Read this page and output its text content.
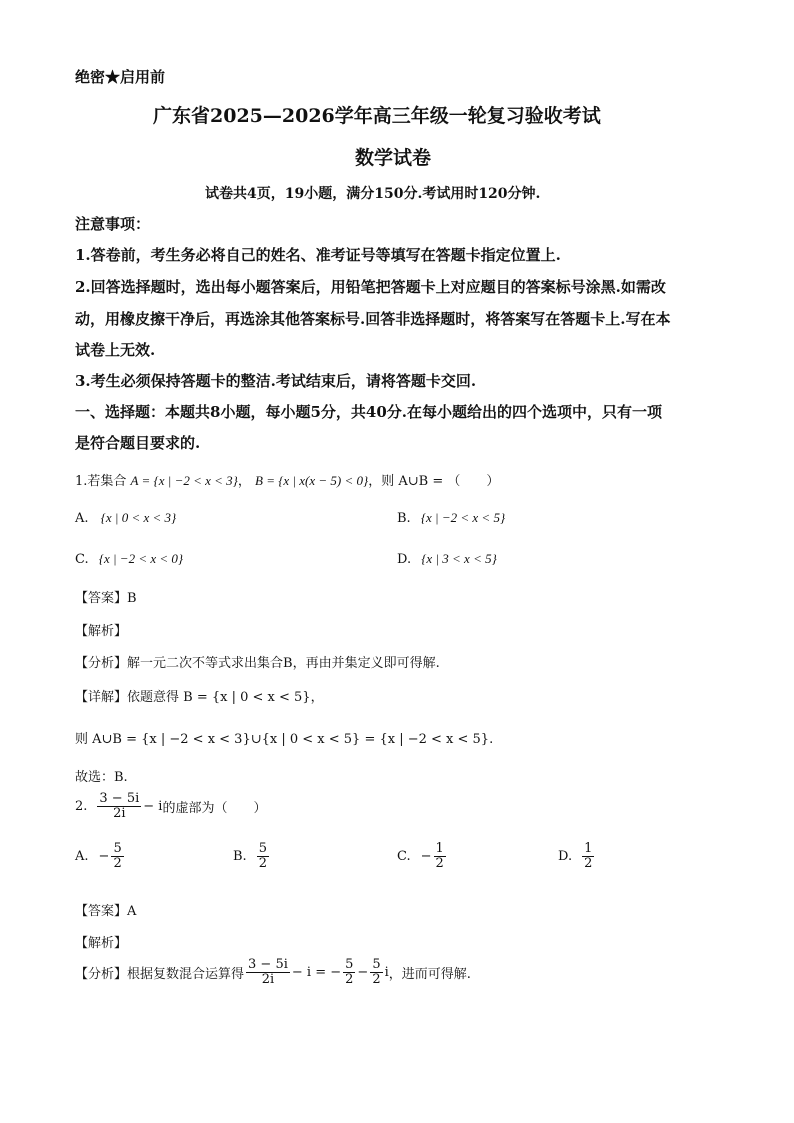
绝密★启用前
广东省2025—2026学年高三年级一轮复习验收考试
数学试卷
试卷共4页，19小题，满分150分.考试用时120分钟.
注意事项：
1.答卷前，考生务必将自己的姓名、准考证号等填写在答题卡指定位置上.
2.回答选择题时，选出每小题答案后，用铅笔把答题卡上对应题目的答案标号涂黑.如需改
动，用橡皮擦干净后，再选涂其他答案标号.回答非选择题时，将答案写在答题卡上.写在本
试卷上无效.
3.考生必须保持答题卡的整洁.考试结束后，请将答题卡交回.
一、选择题：本题共8小题，每小题5分，共40分.在每小题给出的四个选项中，只有一项
是符合题目要求的.
1.若集合 A = {x | −2 < x < 3}， B = {x | x(x − 5) < 0}，则 A∪B = （　　）
A. {x | 0 < x < 3}	B. {x | −2 < x < 5}
C. {x | −2 < x < 0}	D. {x | 3 < x < 5}
【答案】B
【解析】
【分析】解一元二次不等式求出集合B，再由并集定义即可得解.
【详解】依题意得 B = {x | 0 < x < 5}，
则 A∪B = {x | −2 < x < 3}∪{x | 0 < x < 5} = {x | −2 < x < 5}.
故选：B.
2. $\frac{3 - 5i}{2i} - i$ 的虚部为（　　）
A. − $\frac{5}{2}$	B. $\frac{5}{2}$	C. − $\frac{1}{2}$	D. $\frac{1}{2}$
【答案】A
【解析】
【分析】 根据复数混合运算得 $\frac{3 - 5i}{2i} - i$ = − $\frac{5}{2} - \frac{5}{2}$ i ，进而可得解.
